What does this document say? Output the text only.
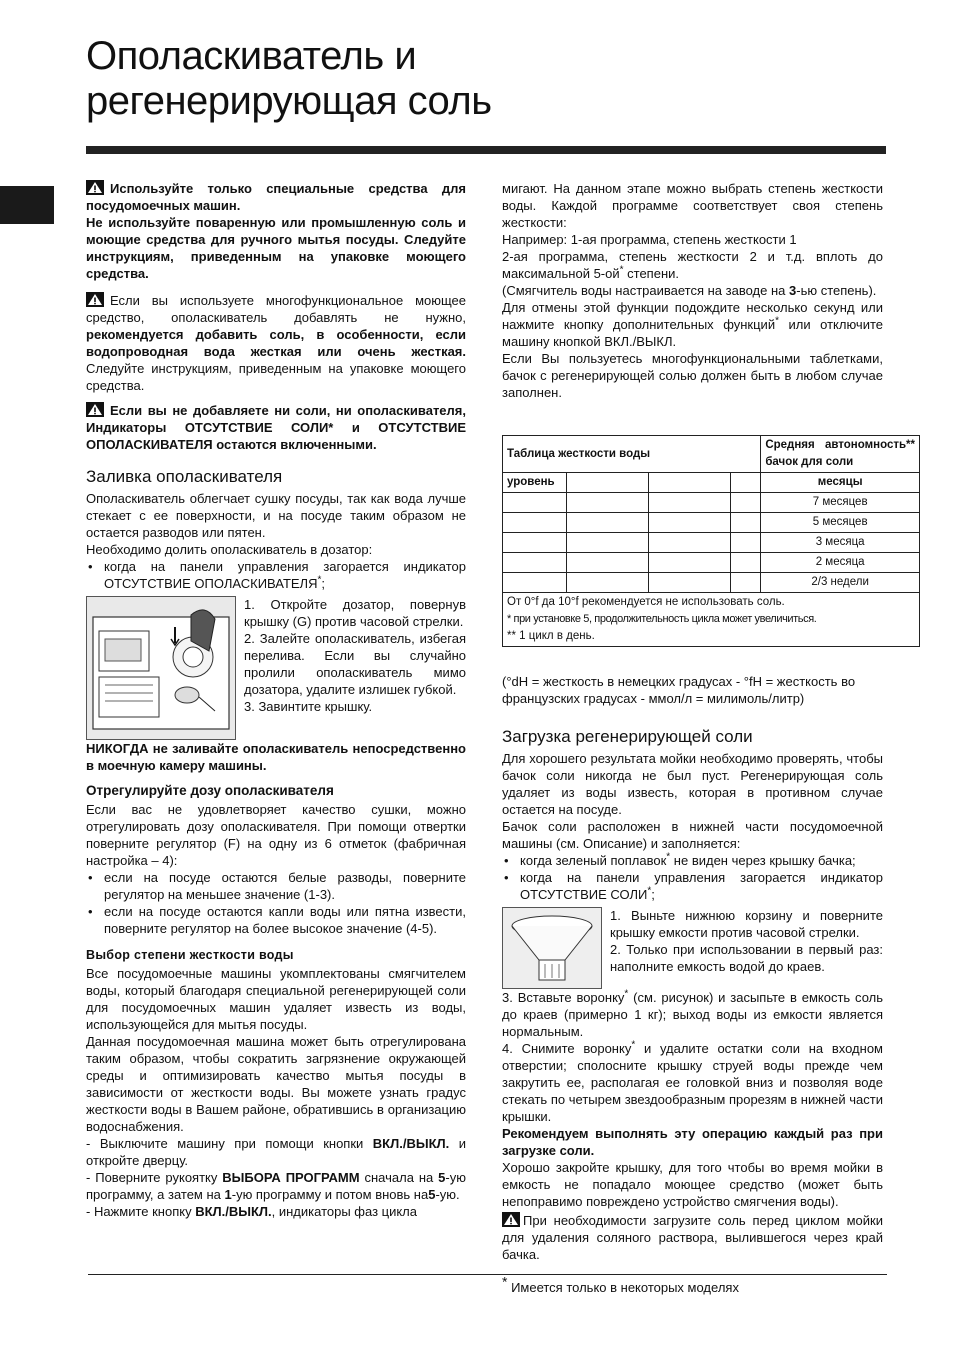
Ополаскиватель и
регенерирующая соль

Используйте только специальные средства для посудомоечных машин.

Не используйте поваренную или промышленную соль и моющие средства для ручного мытья посуды. Следуйте инструкциям, приведенным на упаковке моющего средства.

Если вы используете многофункциональное моющее средство, ополаскиватель добавлять не нужно, рекомендуется добавить соль, в особенности, если водопроводная вода жесткая или очень жесткая. Следуйте инструкциям, приведенным на упаковке моющего средства.

Если вы не добавляете ни соли, ни ополаскивателя, Индикаторы ОТСУТСТВИЕ СОЛИ* и ОТСУТСТВИЕ ОПОЛАСКИВАТЕЛЯ остаются включенными.

Заливка ополаскивателя

Ополаскиватель облегчает сушку посуды, так как вода лучше стекает с ее поверхности, и на посуде таким образом не остается разводов или пятен.

Необходимо долить ополаскиватель в дозатор:

• когда на панели управления загорается индикатор ОТСУТСТВИЕ ОПОЛАСКИВАТЕЛЯ*;

1. Откройте дозатор, повернув крышку (G) против часовой стрелки.

2. Залейте ополаскиватель, избегая перелива. Если вы случайно пролили ополаскиватель мимо дозатора, удалите излишек губкой.

3. Завинтите крышку.

НИКОГДА не заливайте ополаскиватель непосредственно в моечную камеру машины.

Отрегулируйте дозу ополаскивателя

Если вас не удовлетворяет качество сушки, можно отрегулировать дозу ополаскивателя. При помощи отвертки поверните регулятор (F) на одну из 6 отметок (фабричная настройка – 4):

• если на посуде остаются белые разводы, поверните регулятор на меньшее значение (1-3).

• если на посуде остаются капли воды или пятна извести, поверните регулятор на более высокое значение (4-5).

Выбор степени жесткости воды

Все посудомоечные машины укомплектованы смягчителем воды, который благодаря специальной регенерирующей соли для посудомоечных машин удаляет известь из воды, использующейся для мытья посуды.

Данная посудомоечная машина может быть отрегулирована таким образом, чтобы сократить загрязнение окружающей среды и оптимизировать качество мытья посуды в зависимости от жесткости воды. Вы можете узнать градус жесткости воды в Вашем районе, обратившись в организацию водоснабжения.

- Выключите машину при помощи кнопки ВКЛ./ВЫКЛ. и откройте дверцу.

- Поверните рукоятку ВЫБОРА ПРОГРАММ сначала на 5-ую программу, а затем на 1-ую программу и потом вновь на5-ую.

- Нажмите кнопку ВКЛ./ВЫКЛ., индикаторы фаз цикла

мигают. На данном этапе можно выбрать степень жесткости воды. Каждой программе соответствует своя степень жесткости:

Например: 1-ая программа, степень жесткости 1

2-ая программа, степень жесткости 2 и т.д. вплоть до максимальной 5-ой* степени.

(Смягчитель воды настраивается на заводе на 3-ью степень).

Для отмены этой функции подождите несколько секунд или нажмите кнопку дополнительных функций* или отключите машину кнопкой ВКЛ./ВЫКЛ.

Если Вы пользуетесь многофункциональными таблетками, бачок с регенерирующей солью должен быть в любом случае заполнен.

Таблица жесткости воды				Средняя автономность** бачок для соли
уровень				месяцы
				7 месяцев
				5 месяцев
				3 месяца
				2 месяца
				2/3 недели

От 0°f да 10°f рекомендуется не использовать соль.
* при установке 5, продолжительность цикла может увеличиться.
** 1 цикл в день.				

(°dH = жесткость в немецких градусах - °fH = жесткость во французских градусах - ммол/л = милимоль/литр)

Загрузка регенерирующей соли

Для хорошего результата мойки необходимо проверять, чтобы бачок соли никогда не был пуст. Регенерирующая соль удаляет из воды известь, которая в противном случае остается на посуде.

Бачок соли расположен в нижней части посудомоечной машины (см. Описание) и заполняется:

• когда зеленый поплавок* не виден через крышку бачка;

• когда на панели управления загорается индикатор ОТСУТСТВИЕ СОЛИ*;

1. Выньте нижнюю корзину и поверните крышку емкости против часовой стрелки.

2. Только при использовании в первый раз: наполните емкость водой до краев.

3. Вставьте воронку* (см. рисунок) и засыпьте в емкость соль до краев (примерно 1 кг); выход воды из емкости является нормальным.

4. Снимите воронку* и удалите остатки соли на входном отверстии; сполосните крышку струей воды прежде чем закрутить ее, располагая ее головкой вниз и позволяя воде стекать по четырем звездообразным прорезям в нижней части крышки.

Рекомендуем выполнять эту операцию каждый раз при загрузке соли.

Хорошо закройте крышку, для того чтобы во время мойки в емкость не попадало моющее средство (может быть непоправимо повреждено устройство смягчения воды).

При необходимости загрузите соль перед циклом мойки для удаления соляного раствора, вылившегося через край бачка.

* Имеется только в некоторых моделях
